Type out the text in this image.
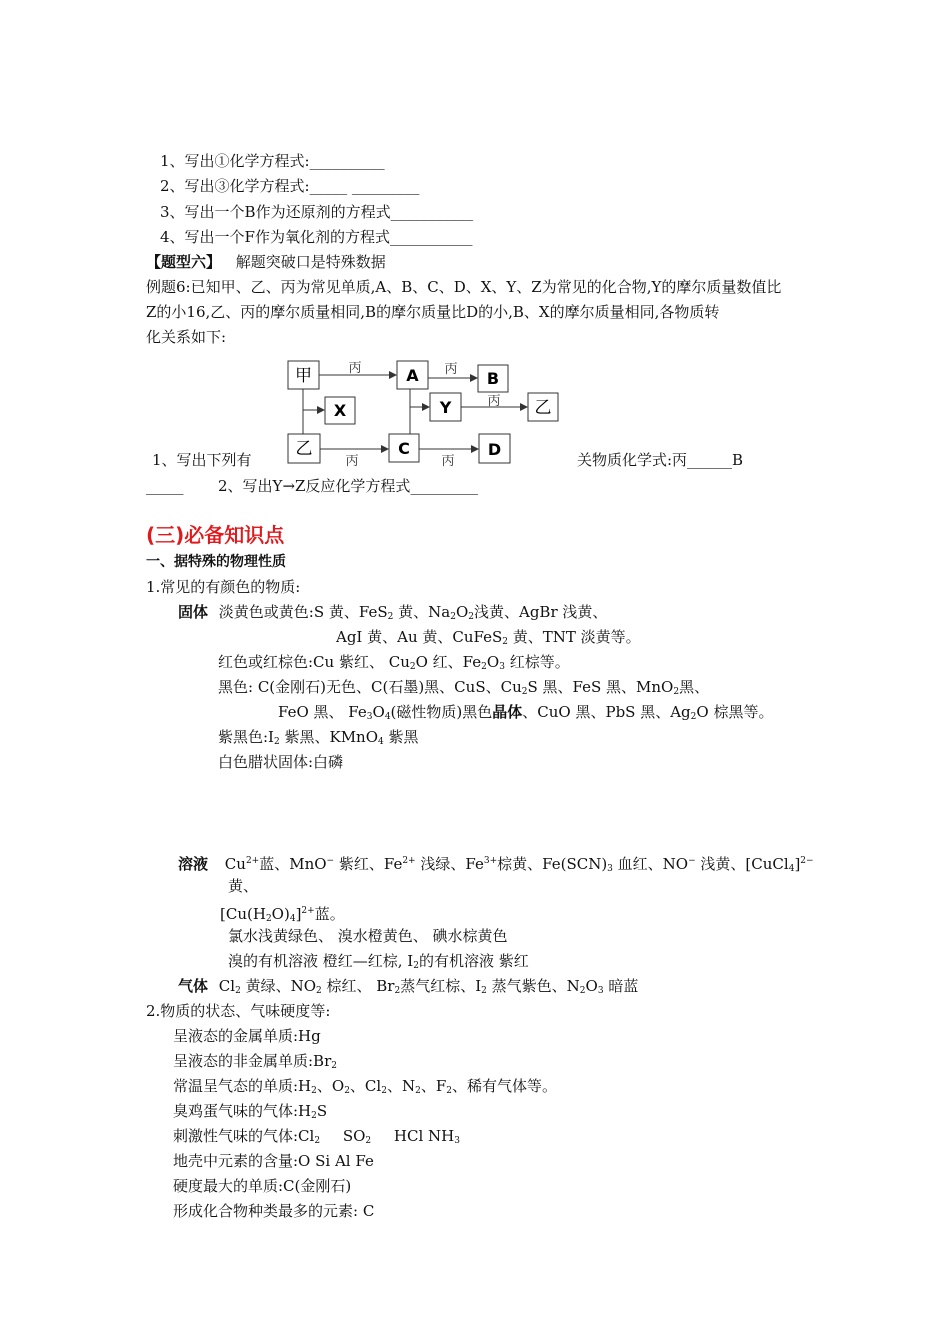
1、写出①化学方程式:__________
2、写出③化学方程式:_____ _________
3、写出一个B作为还原剂的方程式___________
4、写出一个F作为氧化剂的方程式___________
【题型六】 解题突破口是特殊数据
例题6:已知甲、乙、丙为常见单质,A、B、C、D、X、Y、Z为常见的化合物,Y的摩尔质量数值比
Z的小16,乙、丙的摩尔质量相同,B的摩尔质量比D的小,B、X的摩尔质量相同,各物质转
化关系如下:
甲	A	B
X	Y	乙
乙	C	D
丙	丙
丙
丙	丙
1、写出下列有	关物质化学式:丙______B
_____ 2、写出Y→Z反应化学方程式_________
(三)必备知识点
一、据特殊的物理性质
1.常见的有颜色的物质:
固体 淡黄色或黄色:S 黄、FeS$_2$ 黄、$Na_2O_2$浅黄、AgBr 浅黄、
AgI 黄、Au 黄、CuFeS$_2$ 黄、TNT 淡黄等。
红色或红棕色:Cu 紫红、 $Cu_2O$ 红、$Fe_2O_3$ 红棕等。
黑色: C(金刚石)无色、C(石墨)黑、CuS、$Cu_2S$ 黑、FeS 黑、MnO$_2$黑、
FeO 黑、 $Fe_3O_4$(磁性物质)黑色晶体、CuO 黑、PbS 黑、$Ag_2O$ 棕黑等。
紫黑色$:I_2$ 紫黑、KMnO$_4$ 紫黑
白色腊状固体:白磷
溶液 $Cu^{2+}$蓝、MnO− 紫红、$Fe^{2+}$ 浅绿、$Fe^{3+}$棕黄、$Fe(SCN)_3$ 血红、NO− 浅黄、[CuCl$_4$]$^{2-}$
黄、
$[Cu(H_2O)_4]^{2+}$蓝。
氯水浅黄绿色、 溴水橙黄色、 碘水棕黄色
溴的有机溶液 橙红—红棕, $I_2$的有机溶液 紫红
气体 $Cl_2$ 黄绿、$NO_2$ 棕红、 $Br_2$蒸气红棕、$I_2$ 蒸气紫色、$N_2O_3$ 暗蓝
2.物质的状态、气味硬度等:
呈液态的金属单质:Hg
呈液态的非金属单质$:Br_2$
常温呈气态的单质$:H_2$、$O_2$、$Cl_2$、$N_2$、$F_2$、稀有气体等。
臭鸡蛋气味的气体$:H_2S$
刺激性气味的气体$:Cl_2$ $SO_2$ HCl $NH_3$
地壳中元素的含量:O Si Al Fe
硬度最大的单质:C(金刚石)
形成化合物种类最多的元素: C
